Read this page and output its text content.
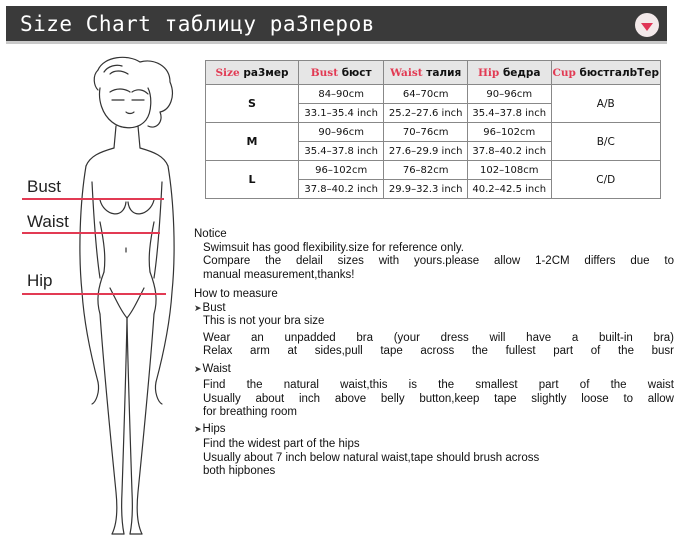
Size Chart таблицу ра3перов
Bust
Waist
Hip
Size ра3мер	Bust бюст	Waist талия	Hip бедра	Cup бюстгалbТер
S	84–90cm	64–70cm	90–96cm	A/B
	33.1–35.4 inch	25.2–27.6 inch	35.4–37.8 inch	
M	90–96cm	70–76cm	96–102cm	B/C
	35.4–37.8 inch	27.6–29.9 inch	37.8–40.2 inch	
L	96–102cm	76–82cm	102–108cm	C/D
	37.8–40.2 inch	29.9–32.3 inch	40.2–42.5 inch	
Notice
Swimsuit has good flexibility.size for reference only.
Compare the delail sizes with yours.please allow 1-2CM differs due to
manual measurement,thanks!
How to measure
➤ Bust
This is not your bra size
Wear an unpadded bra (your dress will have a built-in bra)
Relax arm at sides,pull tape across the fullest part of the busr
➤ Waist
Find the natural waist,this is the smallest part of the waist
Usually about inch above belly button,keep tape slightly loose to allow
for breathing room
➤ Hips
Find the widest part of the hips
Usually about 7 inch below natural waist,tape should brush across
both hipbones
